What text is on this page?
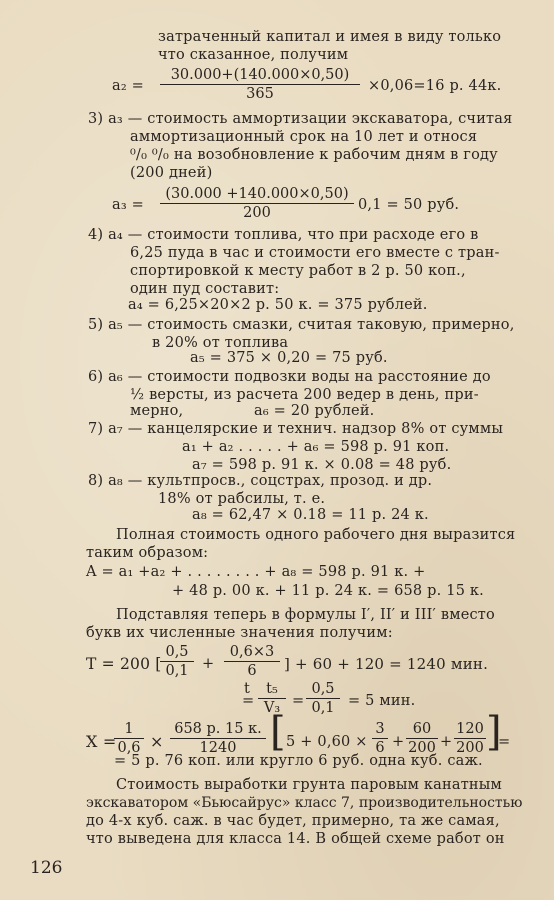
затраченный капитал и имея в виду только
что сказанное, получим
$a_2 = \frac{30.000+(140.000\times 0,50)}{365} \times 0,06=16$ р. 44к.
3) a₃ — стоимость аммортизации экскаватора, считая
аммортизационный срок на 10 лет и относя
⁰/₀ ⁰/₀ на возобновление к рабочим дням в году
(200 дней)
$a_3 = \frac{(30.000 +140.000\times 0,50)}{200} 0,1 = 50$ руб.
4) a₄ — стоимости топлива, что при расходе его в
6,25 пуда в час и стоимости его вместе с тран-
спортировкой к месту работ в 2 р. 50 коп.,
один пуд составит:
a₄ = 6,25×20×2 р. 50 к. = 375 рублей.
5) a₅ — стоимость смазки, считая таковую, примерно,
в 20% от топлива
a₅ = 375 × 0,20 = 75 руб.
6) a₆ — стоимости подвозки воды на расстояние до
½ версты, из расчета 200 ведер в день, при-
мерно,	a₆ = 20 рублей.
7) a₇ — канцелярские и технич. надзор 8% от суммы
a₁ + a₂ . . . . . + a₆ = 598 р. 91 коп.
a₇ = 598 р. 91 к. × 0.08 = 48 руб.
8) a₈ — культпросв., соцстрах, прозод. и др.
18% от рабсилы, т. е.
a₈ = 62,47 × 0.18 = 11 р. 24 к.
Полная стоимость одного рабочего дня выразится
таким образом:
A = a₁ +a₂ + . . . . . . . . + a₈ = 598 р. 91 к. +
+ 48 р. 00 к. + 11 р. 24 к. = 658 р. 15 к.
Подставляя теперь в формулы I′, II′ и III′ вместо
букв их численные значения получим:
T = 200 [
$\frac{0,5}{0,1} + \frac{0,6\times 3}{6}$ ] + 60 + 120 = 1240 мин.
t
= $\frac{\text{t₅}}{\text{V₃}} = \frac{0,5}{0,1} = 5$ мин.
X =
$\frac{1}{0,6}$ ×
658 р. 15 к.
1240 [ $5 + 0,60 \times \frac{3}{6} + \frac{60}{200} + \frac{120}{200}$ ]
=
= 5 р. 76 коп. или кругло 6 руб. одна куб. саж.
Стоимость выработки грунта паровым канатным
экскаватором «Бьюсайрус» класс 7, производительностью
до 4-х куб. саж. в час будет, примерно, та же самая,
что выведена для класса 14. В общей схеме работ он
126
